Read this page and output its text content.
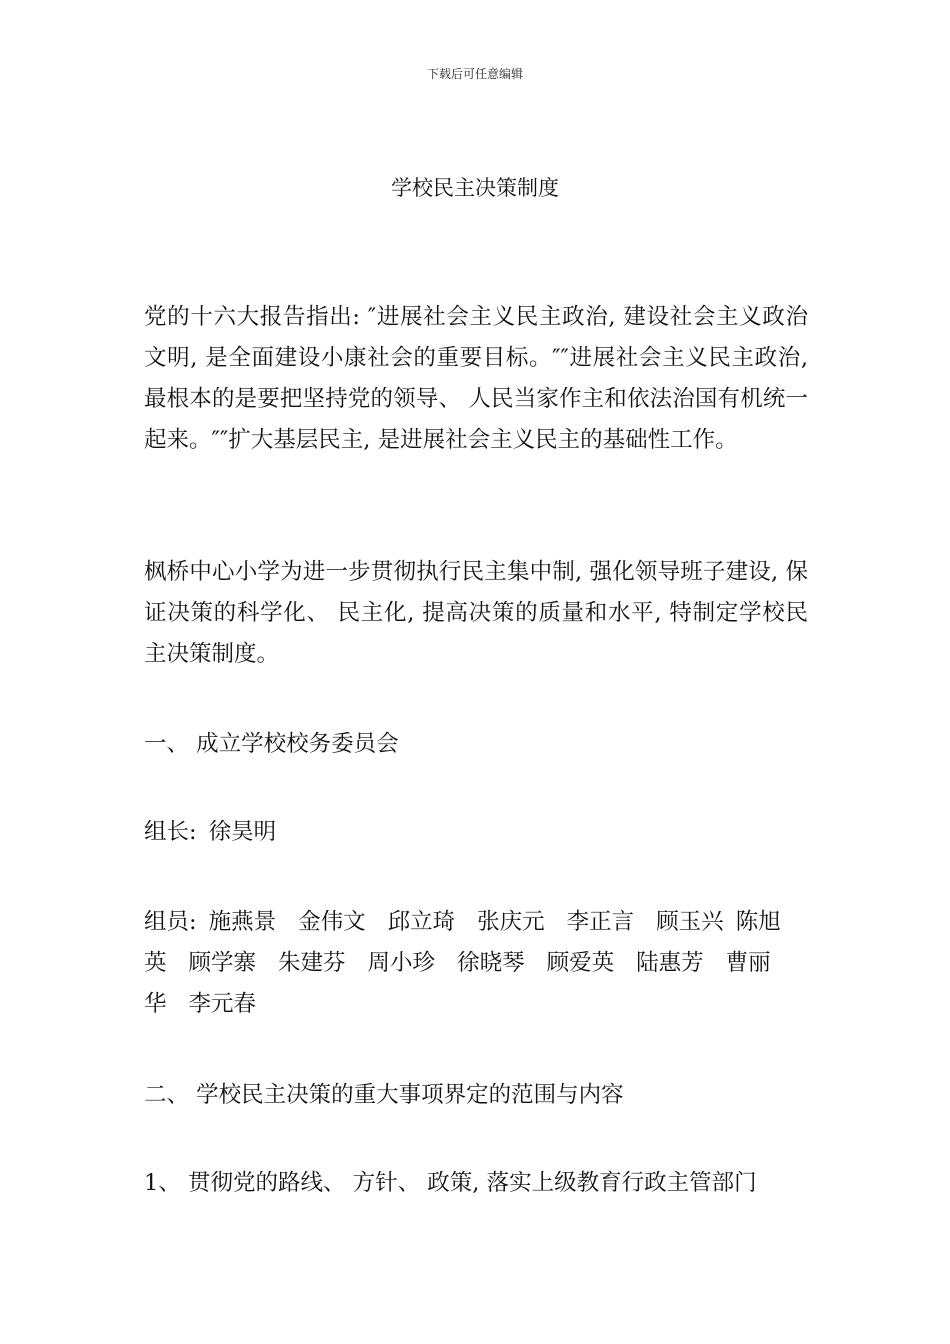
下载后可任意编辑
学校民主决策制度

党的十六大报告指出: ″进展社会主义民主政治, 建设社会主义政治文明, 是全面建设小康社会的重要目标。″″进展社会主义民主政治, 最根本的是要把坚持党的领导、 人民当家作主和依法治国有机统一起来。″″扩大基层民主, 是进展社会主义民主的基础性工作。

枫桥中心小学为进一步贯彻执行民主集中制, 强化领导班子建设, 保证决策的科学化、 民主化, 提高决策的质量和水平, 特制定学校民主决策制度。

一、 成立学校校务委员会

组长: 徐昊明

组员: 施燕景 金伟文 邱立琦 张庆元 李正言 顾玉兴 陈旭
英 顾学寨 朱建芬 周小珍 徐晓琴 顾爱英 陆惠芳 曹丽
华 李元春

二、 学校民主决策的重大事项界定的范围与内容

1、 贯彻党的路线、 方针、 政策, 落实上级教育行政主管部门
